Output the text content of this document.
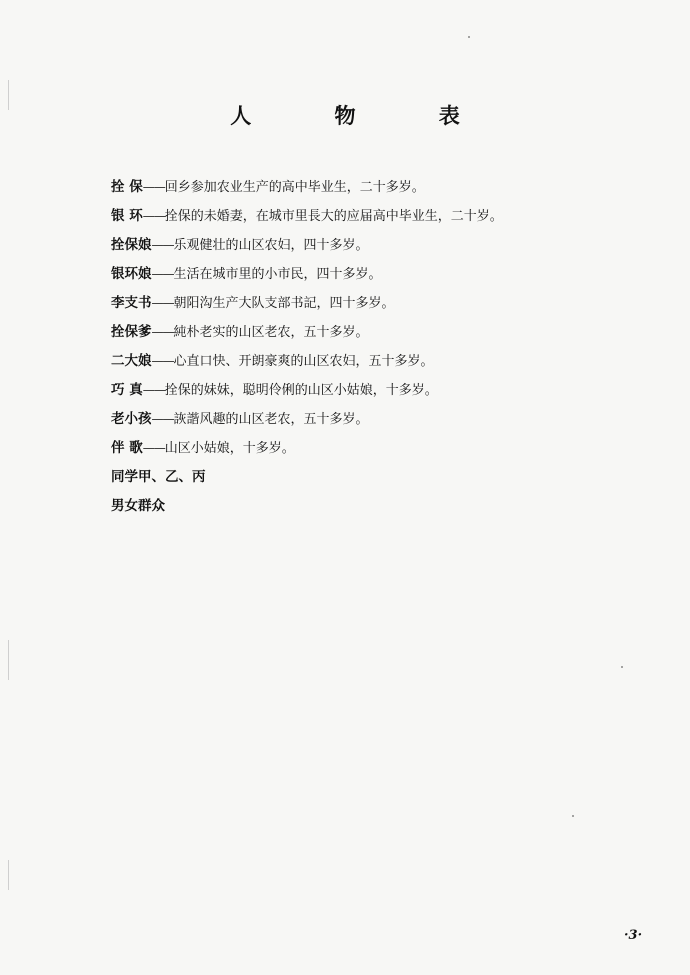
人 物 表
拴 保——回乡参加农业生产的高中毕业生，二十多岁。
银 环——拴保的未婚妻，在城市里長大的应届高中毕业生，二十岁。
拴保娘——乐观健壮的山区农妇，四十多岁。
银环娘——生活在城市里的小市民，四十多岁。
李支书——朝阳沟生产大队支部书記，四十多岁。
拴保爹——純朴老实的山区老农，五十多岁。
二大娘——心直口快、开朗豪爽的山区农妇，五十多岁。
巧 真——拴保的妹妹，聪明伶俐的山区小姑娘，十多岁。
老小孩——詼諧风趣的山区老农，五十多岁。
伴 歌——山区小姑娘，十多岁。
同学甲、乙、丙
男女群众
·3·
